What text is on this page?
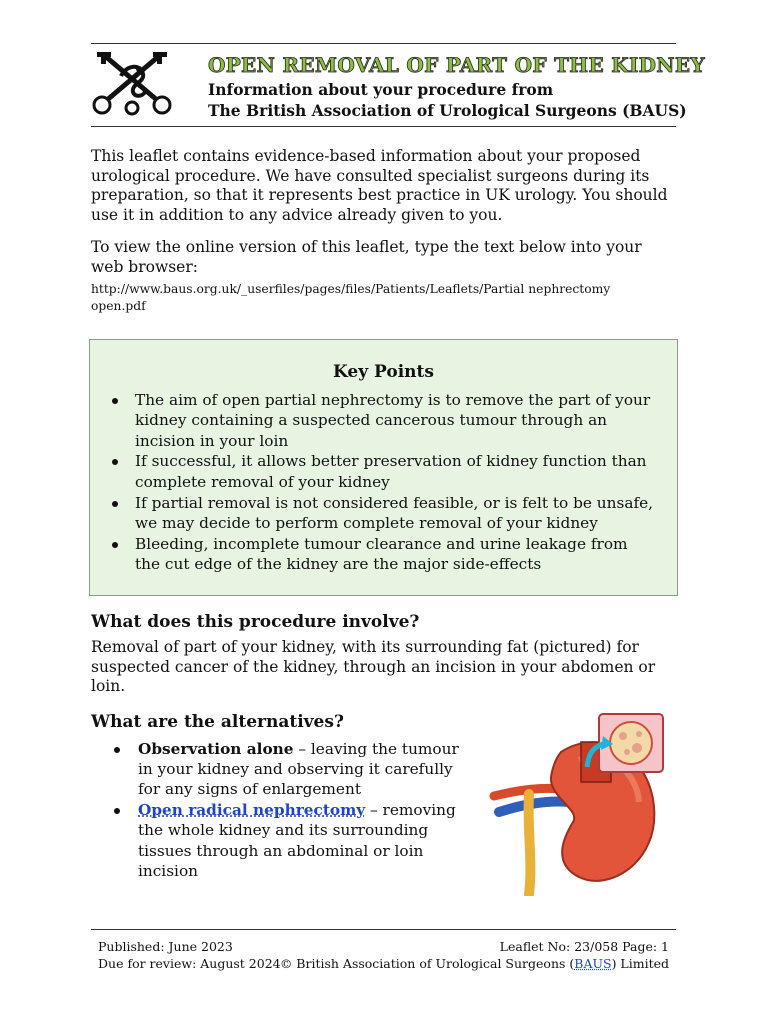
OPEN REMOVAL OF PART OF THE KIDNEY
Information about your procedure from
The British Association of Urological Surgeons (BAUS)

This leaflet contains evidence-based information about your proposed urological procedure. We have consulted specialist surgeons during its preparation, so that it represents best practice in UK urology. You should use it in addition to any advice already given to you.

To view the online version of this leaflet, type the text below into your web browser:

http://www.baus.org.uk/_userfiles/pages/files/Patients/Leaflets/Partial nephrectomy
open.pdf
Key Points
The aim of open partial nephrectomy is to remove the part of your kidney containing a suspected cancerous tumour through an incision in your loin
If successful, it allows better preservation of kidney function than complete removal of your kidney
If partial removal is not considered feasible, or is felt to be unsafe, we may decide to perform complete removal of your kidney
Bleeding, incomplete tumour clearance and urine leakage from the cut edge of the kidney are the major side-effects
What does this procedure involve?

Removal of part of your kidney, with its surrounding fat (pictured) for suspected cancer of the kidney, through an incision in your abdomen or loin.

What are the alternatives?
Observation alone – leaving the tumour in your kidney and observing it carefully for any signs of enlargement
Open radical nephrectomy – removing the whole kidney and its surrounding tissues through an abdominal or loin incision
Published: June 2023
Due for review: August 2024
Leaflet No: 23/058 Page: 1
© British Association of Urological Surgeons (BAUS) Limited
